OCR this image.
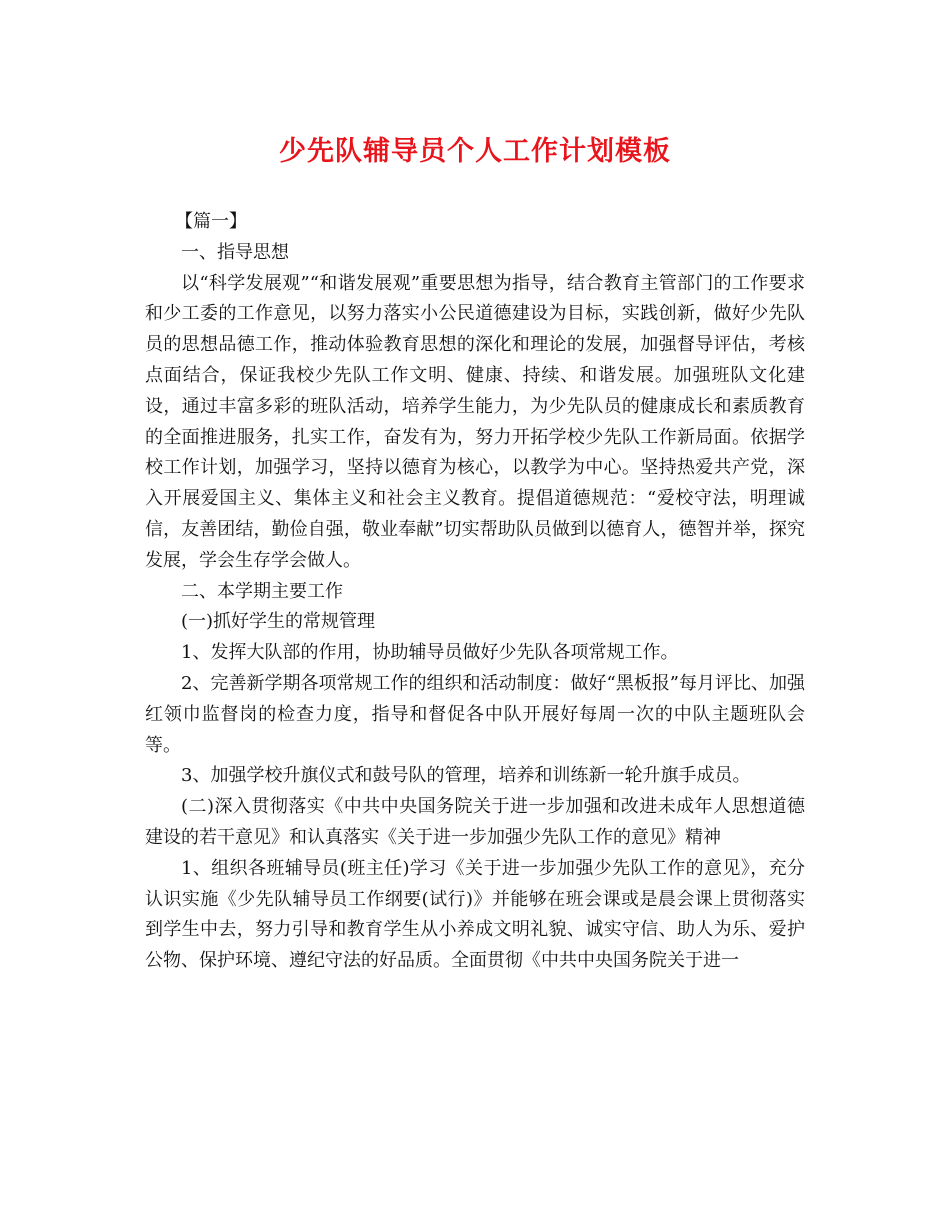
少先队辅导员个人工作计划模板

【篇一】

一、指导思想

以“科学发展观”“和谐发展观”重要思想为指导，结合教育主管部门的工作要求和少工委的工作意见，以努力落实小公民道德建设为目标，实践创新，做好少先队员的思想品德工作，推动体验教育思想的深化和理论的发展，加强督导评估，考核点面结合，保证我校少先队工作文明、健康、持续、和谐发展。加强班队文化建设，通过丰富多彩的班队活动，培养学生能力，为少先队员的健康成长和素质教育的全面推进服务，扎实工作，奋发有为，努力开拓学校少先队工作新局面。依据学校工作计划，加强学习，坚持以德育为核心，以教学为中心。坚持热爱共产党，深入开展爱国主义、集体主义和社会主义教育。提倡道德规范：“爱校守法，明理诚信，友善团结，勤俭自强，敬业奉献”切实帮助队员做到以德育人，德智并举，探究发展，学会生存学会做人。

二、本学期主要工作

(一)抓好学生的常规管理

1、发挥大队部的作用，协助辅导员做好少先队各项常规工作。

2、完善新学期各项常规工作的组织和活动制度：做好“黑板报”每月评比、加强红领巾监督岗的检查力度，指导和督促各中队开展好每周一次的中队主题班队会等。

3、加强学校升旗仪式和鼓号队的管理，培养和训练新一轮升旗手成员。

(二)深入贯彻落实《中共中央国务院关于进一步加强和改进未成年人思想道德建设的若干意见》和认真落实《关于进一步加强少先队工作的意见》精神

1、组织各班辅导员(班主任)学习《关于进一步加强少先队工作的意见》，充分认识实施《少先队辅导员工作纲要(试行)》并能够在班会课或是晨会课上贯彻落实到学生中去，努力引导和教育学生从小养成文明礼貌、诚实守信、助人为乐、爱护公物、保护环境、遵纪守法的好品质。全面贯彻《中共中央国务院关于进一
